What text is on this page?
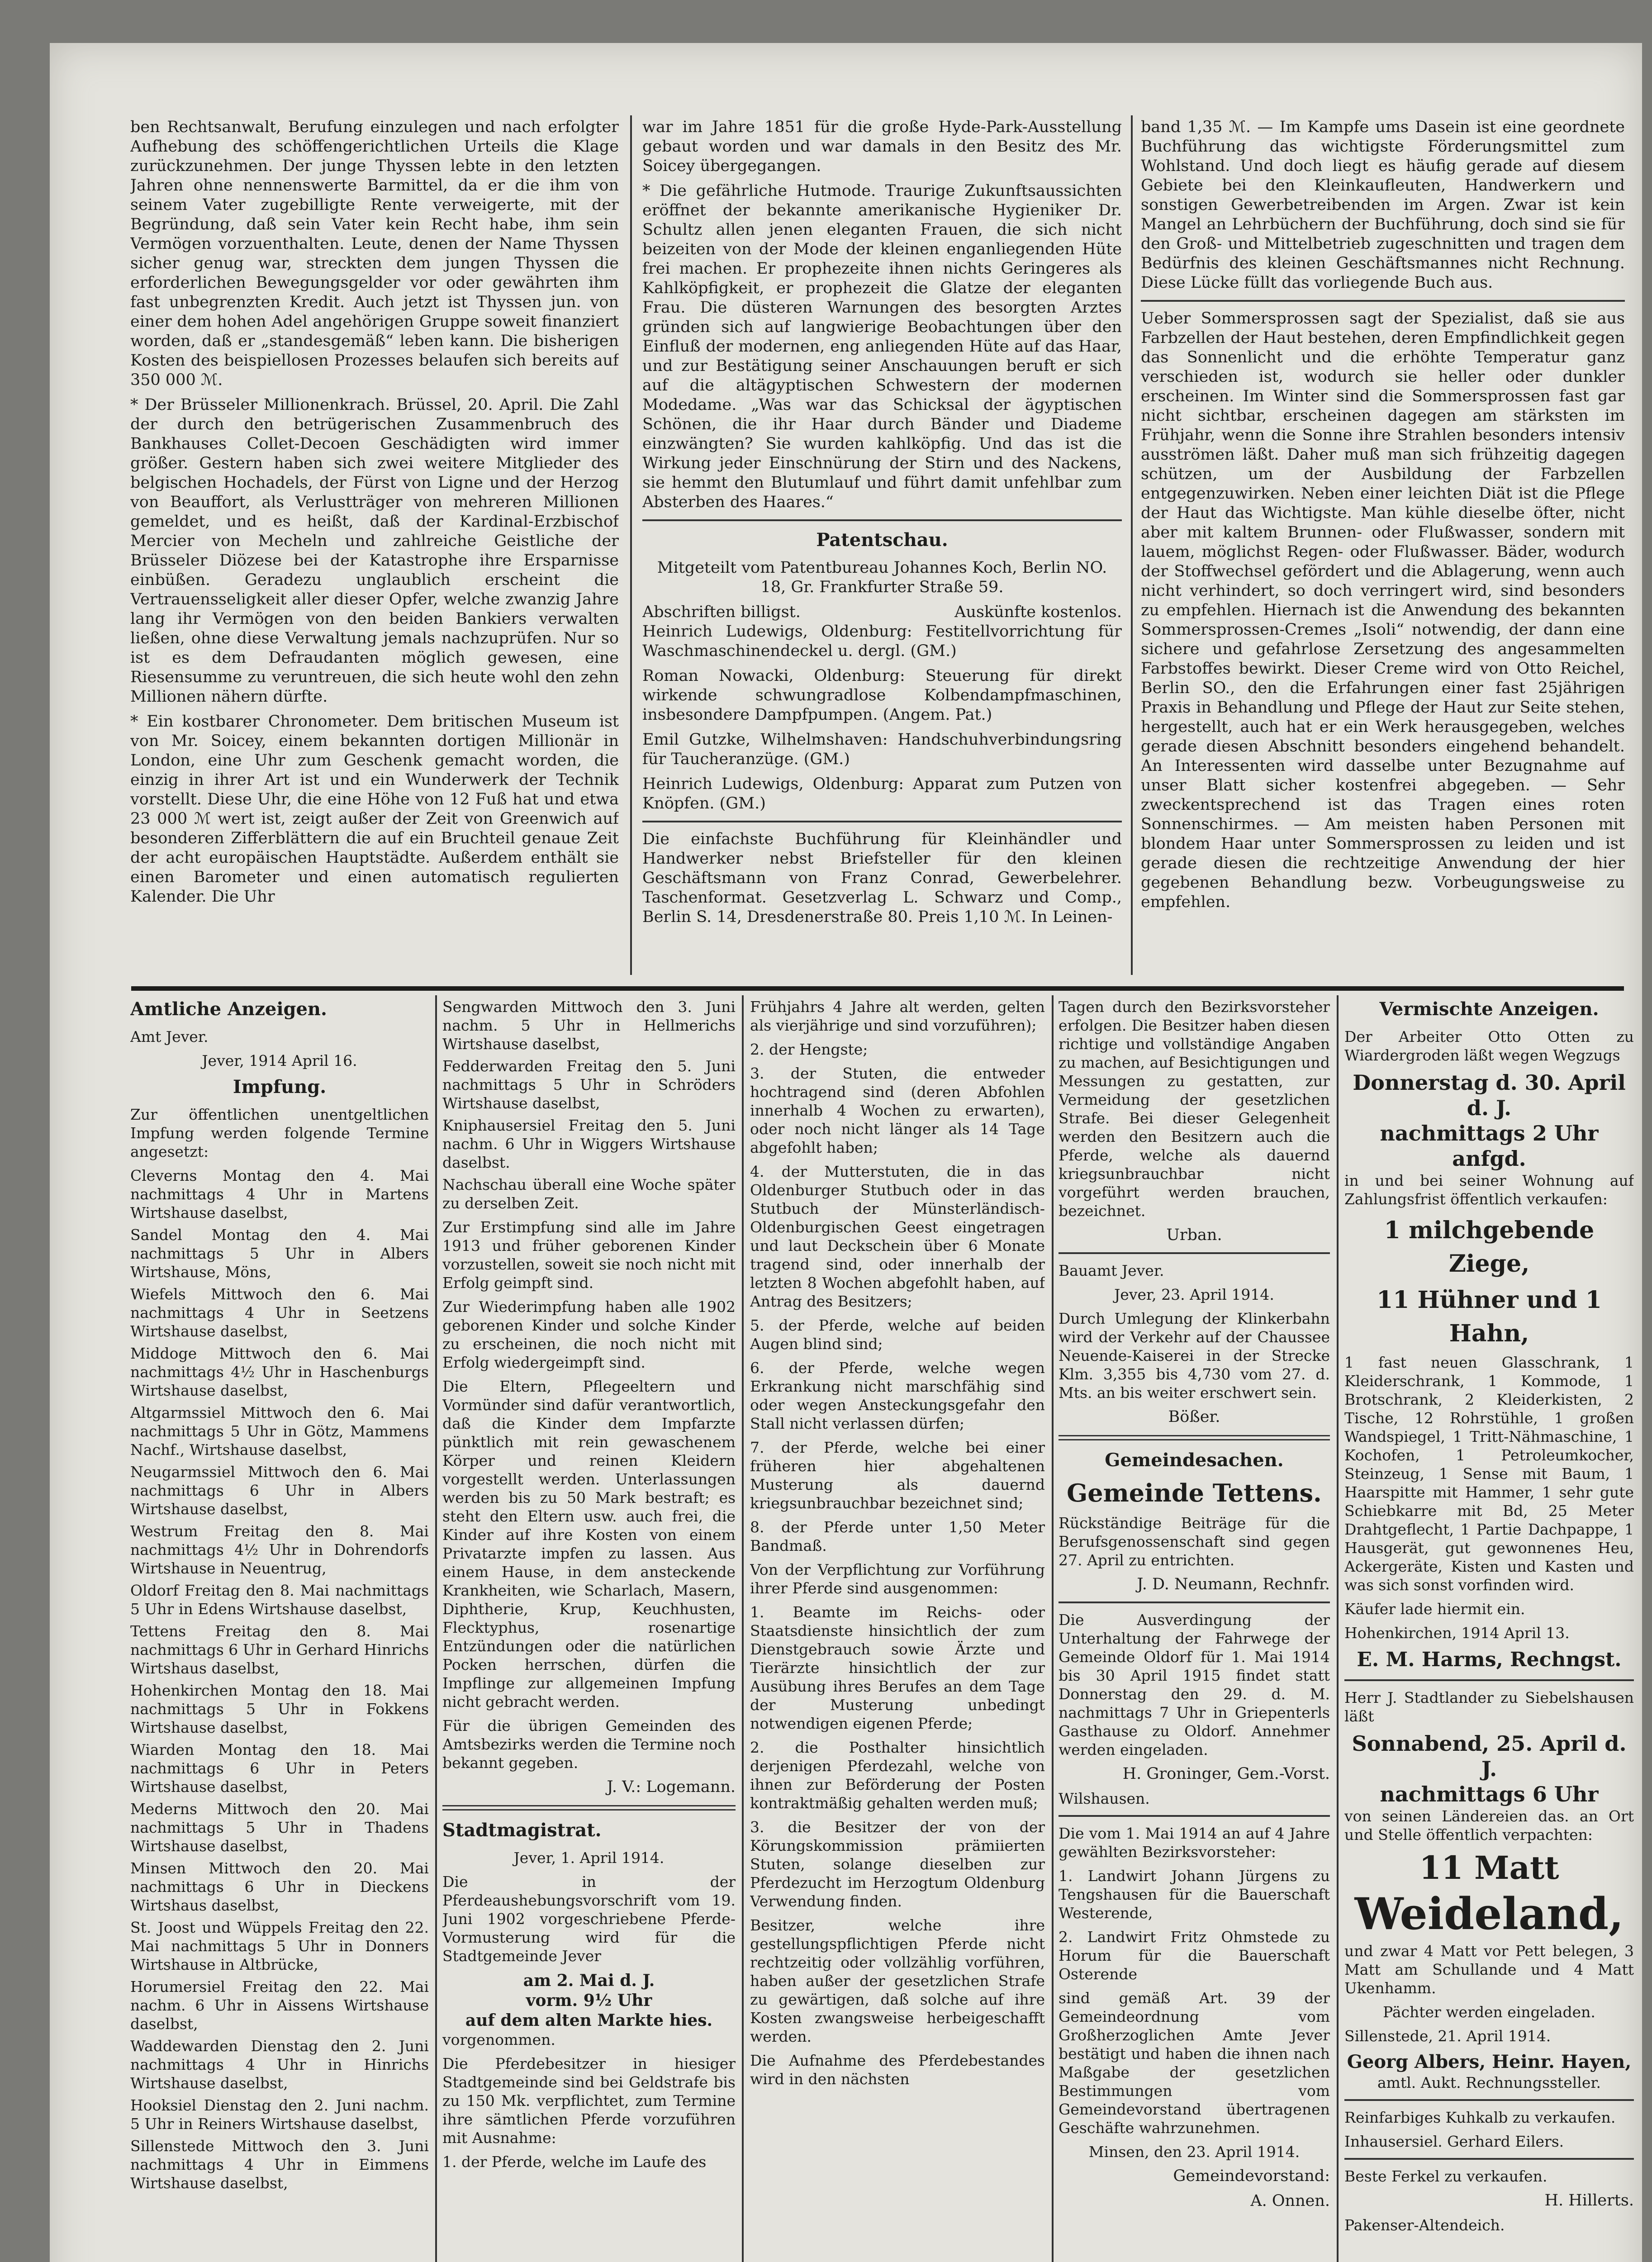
ben Rechtsanwalt, Berufung einzulegen und nach erfolgter Aufhebung des schöffengerichtlichen Urteils die Klage zurückzunehmen. Der junge Thyssen lebte in den letzten Jahren ohne nennenswerte Barmittel, da er die ihm von seinem Vater zugebilligte Rente verweigerte, mit der Begründung, daß sein Vater kein Recht habe, ihm sein Vermögen vorzuenthalten. Leute, denen der Name Thyssen sicher genug war, streckten dem jungen Thyssen die erforderlichen Bewegungsgelder vor oder gewährten ihm fast unbegrenzten Kredit. Auch jetzt ist Thyssen jun. von einer dem hohen Adel angehörigen Gruppe soweit finanziert worden, daß er „standesgemäß“ leben kann. Die bisherigen Kosten des beispiellosen Prozesses belaufen sich bereits auf 350 000 ℳ.

* Der Brüsseler Millionenkrach. Brüssel, 20. April. Die Zahl der durch den betrügerischen Zusammenbruch des Bankhauses Collet-Decoen Geschädigten wird immer größer. Gestern haben sich zwei weitere Mitglieder des belgischen Hochadels, der Fürst von Ligne und der Herzog von Beauffort, als Verlustträger von mehreren Millionen gemeldet, und es heißt, daß der Kardinal-Erzbischof Mercier von Mecheln und zahlreiche Geistliche der Brüsseler Diözese bei der Katastrophe ihre Ersparnisse einbüßen. Geradezu unglaublich erscheint die Vertrauensseligkeit aller dieser Opfer, welche zwanzig Jahre lang ihr Vermögen von den beiden Bankiers verwalten ließen, ohne diese Verwaltung jemals nachzuprüfen. Nur so ist es dem Defraudanten möglich gewesen, eine Riesensumme zu veruntreuen, die sich heute wohl den zehn Millionen nähern dürfte.

* Ein kostbarer Chronometer. Dem britischen Museum ist von Mr. Soicey, einem bekannten dortigen Millionär in London, eine Uhr zum Geschenk gemacht worden, die einzig in ihrer Art ist und ein Wunderwerk der Technik vorstellt. Diese Uhr, die eine Höhe von 12 Fuß hat und etwa 23 000 ℳ wert ist, zeigt außer der Zeit von Greenwich auf besonderen Zifferblättern die auf ein Bruchteil genaue Zeit der acht europäischen Hauptstädte. Außerdem enthält sie einen Barometer und einen automatisch regulierten Kalender. Die Uhr

war im Jahre 1851 für die große Hyde-Park-Ausstellung gebaut worden und war damals in den Besitz des Mr. Soicey übergegangen.

* Die gefährliche Hutmode. Traurige Zukunftsaussichten eröffnet der bekannte amerikanische Hygieniker Dr. Schultz allen jenen eleganten Frauen, die sich nicht beizeiten von der Mode der kleinen enganliegenden Hüte frei machen. Er prophezeite ihnen nichts Geringeres als Kahlköpfigkeit, er prophezeit die Glatze der eleganten Frau. Die düsteren Warnungen des besorgten Arztes gründen sich auf langwierige Beobachtungen über den Einfluß der modernen, eng anliegenden Hüte auf das Haar, und zur Bestätigung seiner Anschauungen beruft er sich auf die altägyptischen Schwestern der modernen Modedame. „Was war das Schicksal der ägyptischen Schönen, die ihr Haar durch Bänder und Diademe einzwängten? Sie wurden kahlköpfig. Und das ist die Wirkung jeder Einschnürung der Stirn und des Nackens, sie hemmt den Blutumlauf und führt damit unfehlbar zum Absterben des Haares.“

Patentschau.

Mitgeteilt vom Patentbureau Johannes Koch, Berlin NO. 18, Gr. Frankfurter Straße 59.

Abschriften billigst.	Auskünfte kostenlos.

Heinrich Ludewigs, Oldenburg: Festitellvorrichtung für Waschmaschinendeckel u. dergl. (GM.)

Roman Nowacki, Oldenburg: Steuerung für direkt wirkende schwungradlose Kolbendampfmaschinen, insbesondere Dampfpumpen. (Angem. Pat.)

Emil Gutzke, Wilhelmshaven: Handschuhverbindungsring für Taucheranzüge. (GM.)

Heinrich Ludewigs, Oldenburg: Apparat zum Putzen von Knöpfen. (GM.)

Die einfachste Buchführung für Kleinhändler und Handwerker nebst Briefsteller für den kleinen Geschäftsmann von Franz Conrad, Gewerbelehrer. Taschenformat. Gesetzverlag L. Schwarz und Comp., Berlin S. 14, Dresdenerstraße 80. Preis 1,10 ℳ. In Leinen-

band 1,35 ℳ. — Im Kampfe ums Dasein ist eine geordnete Buchführung das wichtigste Förderungsmittel zum Wohlstand. Und doch liegt es häufig gerade auf diesem Gebiete bei den Kleinkaufleuten, Handwerkern und sonstigen Gewerbetreibenden im Argen. Zwar ist kein Mangel an Lehrbüchern der Buchführung, doch sind sie für den Groß- und Mittelbetrieb zugeschnitten und tragen dem Bedürfnis des kleinen Geschäftsmannes nicht Rechnung. Diese Lücke füllt das vorliegende Buch aus.

Ueber Sommersprossen sagt der Spezialist, daß sie aus Farbzellen der Haut bestehen, deren Empfindlichkeit gegen das Sonnenlicht und die erhöhte Temperatur ganz verschieden ist, wodurch sie heller oder dunkler erscheinen. Im Winter sind die Sommersprossen fast gar nicht sichtbar, erscheinen dagegen am stärksten im Frühjahr, wenn die Sonne ihre Strahlen besonders intensiv ausströmen läßt. Daher muß man sich frühzeitig dagegen schützen, um der Ausbildung der Farbzellen entgegenzuwirken. Neben einer leichten Diät ist die Pflege der Haut das Wichtigste. Man kühle dieselbe öfter, nicht aber mit kaltem Brunnen- oder Flußwasser, sondern mit lauem, möglichst Regen- oder Flußwasser. Bäder, wodurch der Stoffwechsel gefördert und die Ablagerung, wenn auch nicht verhindert, so doch verringert wird, sind besonders zu empfehlen. Hiernach ist die Anwendung des bekannten Sommersprossen-Cremes „Isoli“ notwendig, der dann eine sichere und gefahrlose Zersetzung des angesammelten Farbstoffes bewirkt. Dieser Creme wird von Otto Reichel, Berlin SO., den die Erfahrungen einer fast 25jährigen Praxis in Behandlung und Pflege der Haut zur Seite stehen, hergestellt, auch hat er ein Werk herausgegeben, welches gerade diesen Abschnitt besonders eingehend behandelt. An Interessenten wird dasselbe unter Bezugnahme auf unser Blatt sicher kostenfrei abgegeben. — Sehr zweckentsprechend ist das Tragen eines roten Sonnenschirmes. — Am meisten haben Personen mit blondem Haar unter Sommersprossen zu leiden und ist gerade diesen die rechtzeitige Anwendung der hier gegebenen Behandlung bezw. Vorbeugungsweise zu empfehlen.

Amtliche Anzeigen.

Amt Jever.

Jever, 1914 April 16.

Impfung.

Zur öffentlichen unentgeltlichen Impfung werden folgende Termine angesetzt:

Cleverns Montag den 4. Mai nachmittags 4 Uhr in Martens Wirtshause daselbst,

Sandel Montag den 4. Mai nachmittags 5 Uhr in Albers Wirtshause, Möns,

Wiefels Mittwoch den 6. Mai nachmittags 4 Uhr in Seetzens Wirtshause daselbst,

Middoge Mittwoch den 6. Mai nachmittags 4½ Uhr in Haschenburgs Wirtshause daselbst,

Altgarmssiel Mittwoch den 6. Mai nachmittags 5 Uhr in Götz, Mammens Nachf., Wirtshause daselbst,

Neugarmssiel Mittwoch den 6. Mai nachmittags 6 Uhr in Albers Wirtshause daselbst,

Westrum Freitag den 8. Mai nachmittags 4½ Uhr in Dohrendorfs Wirtshause in Neuentrug,

Oldorf Freitag den 8. Mai nachmittags 5 Uhr in Edens Wirtshause daselbst,

Tettens Freitag den 8. Mai nachmittags 6 Uhr in Gerhard Hinrichs Wirtshaus daselbst,

Hohenkirchen Montag den 18. Mai nachmittags 5 Uhr in Fokkens Wirtshause daselbst,

Wiarden Montag den 18. Mai nachmittags 6 Uhr in Peters Wirtshause daselbst,

Mederns Mittwoch den 20. Mai nachmittags 5 Uhr in Thadens Wirtshause daselbst,

Minsen Mittwoch den 20. Mai nachmittags 6 Uhr in Dieckens Wirtshaus daselbst,

St. Joost und Wüppels Freitag den 22. Mai nachmittags 5 Uhr in Donners Wirtshause in Altbrücke,

Horumersiel Freitag den 22. Mai nachm. 6 Uhr in Aissens Wirtshause daselbst,

Waddewarden Dienstag den 2. Juni nachmittags 4 Uhr in Hinrichs Wirtshause daselbst,

Hooksiel Dienstag den 2. Juni nachm. 5 Uhr in Reiners Wirtshause daselbst,

Sillenstede Mittwoch den 3. Juni nachmittags 4 Uhr in Eimmens Wirtshause daselbst,

Sengwarden Mittwoch den 3. Juni nachm. 5 Uhr in Hellmerichs Wirtshause daselbst,

Fedderwarden Freitag den 5. Juni nachmittags 5 Uhr in Schröders Wirtshause daselbst,

Kniphausersiel Freitag den 5. Juni nachm. 6 Uhr in Wiggers Wirtshause daselbst.

Nachschau überall eine Woche später zu derselben Zeit.

Zur Erstimpfung sind alle im Jahre 1913 und früher geborenen Kinder vorzustellen, soweit sie noch nicht mit Erfolg geimpft sind.

Zur Wiederimpfung haben alle 1902 geborenen Kinder und solche Kinder zu erscheinen, die noch nicht mit Erfolg wiedergeimpft sind.

Die Eltern, Pflegeeltern und Vormünder sind dafür verantwortlich, daß die Kinder dem Impfarzte pünktlich mit rein gewaschenem Körper und reinen Kleidern vorgestellt werden. Unterlassungen werden bis zu 50 Mark bestraft; es steht den Eltern usw. auch frei, die Kinder auf ihre Kosten von einem Privatarzte impfen zu lassen. Aus einem Hause, in dem ansteckende Krankheiten, wie Scharlach, Masern, Diphtherie, Krup, Keuchhusten, Flecktyphus, rosenartige Entzündungen oder die natürlichen Pocken herrschen, dürfen die Impflinge zur allgemeinen Impfung nicht gebracht werden.

Für die übrigen Gemeinden des Amtsbezirks werden die Termine noch bekannt gegeben.

J. V.: Logemann.
Stadtmagistrat.

Jever, 1. April 1914.

Die in der Pferdeaushebungsvorschrift vom 19. Juni 1902 vorgeschriebene Pferde-Vormusterung wird für die Stadtgemeinde Jever

am 2. Mai d. J.
vorm. 9½ Uhr
auf dem alten Markte hies.

vorgenommen.

Die Pferdebesitzer in hiesiger Stadtgemeinde sind bei Geldstrafe bis zu 150 Mk. verpflichtet, zum Termine ihre sämtlichen Pferde vorzuführen mit Ausnahme:

1. der Pferde, welche im Laufe des

Frühjahrs 4 Jahre alt werden, gelten als vierjährige und sind vorzuführen);

2. der Hengste;

3. der Stuten, die entweder hochtragend sind (deren Abfohlen innerhalb 4 Wochen zu erwarten), oder noch nicht länger als 14 Tage abgefohlt haben;

4. der Mutterstuten, die in das Oldenburger Stutbuch oder in das Stutbuch der Münsterländisch-Oldenburgischen Geest eingetragen und laut Deckschein über 6 Monate tragend sind, oder innerhalb der letzten 8 Wochen abgefohlt haben, auf Antrag des Besitzers;

5. der Pferde, welche auf beiden Augen blind sind;

6. der Pferde, welche wegen Erkrankung nicht marschfähig sind oder wegen Ansteckungsgefahr den Stall nicht verlassen dürfen;

7. der Pferde, welche bei einer früheren hier abgehaltenen Musterung als dauernd kriegsunbrauchbar bezeichnet sind;

8. der Pferde unter 1,50 Meter Bandmaß.

Von der Verpflichtung zur Vorführung ihrer Pferde sind ausgenommen:

1. Beamte im Reichs- oder Staatsdienste hinsichtlich der zum Dienstgebrauch sowie Ärzte und Tierärzte hinsichtlich der zur Ausübung ihres Berufes an dem Tage der Musterung unbedingt notwendigen eigenen Pferde;

2. die Posthalter hinsichtlich derjenigen Pferdezahl, welche von ihnen zur Beförderung der Posten kontraktmäßig gehalten werden muß;

3. die Besitzer der von der Körungskommission prämiierten Stuten, solange dieselben zur Pferdezucht im Herzogtum Oldenburg Verwendung finden.

Besitzer, welche ihre gestellungspflichtigen Pferde nicht rechtzeitig oder vollzählig vorführen, haben außer der gesetzlichen Strafe zu gewärtigen, daß solche auf ihre Kosten zwangsweise herbeigeschafft werden.

Die Aufnahme des Pferdebestandes wird in den nächsten

Tagen durch den Bezirksvorsteher erfolgen. Die Besitzer haben diesen richtige und vollständige Angaben zu machen, auf Besichtigungen und Messungen zu gestatten, zur Vermeidung der gesetzlichen Strafe. Bei dieser Gelegenheit werden den Besitzern auch die Pferde, welche als dauernd kriegsunbrauchbar nicht vorgeführt werden brauchen, bezeichnet.

Urban.

Bauamt Jever.

Jever, 23. April 1914.

Durch Umlegung der Klinkerbahn wird der Verkehr auf der Chaussee Neuende-Kaiserei in der Strecke Klm. 3,355 bis 4,730 vom 27. d. Mts. an bis weiter erschwert sein.

Bößer.
Gemeindesachen.
Gemeinde Tettens.

Rückständige Beiträge für die Berufsgenossenschaft sind gegen 27. April zu entrichten.

J. D. Neumann, Rechnfr.

Die Ausverdingung der Unterhaltung der Fahrwege der Gemeinde Oldorf für 1. Mai 1914 bis 30 April 1915 findet statt Donnerstag den 29. d. M. nachmittags 7 Uhr in Griepenterls Gasthause zu Oldorf. Annehmer werden eingeladen.

H. Groninger, Gem.-Vorst.

Wilshausen.

Die vom 1. Mai 1914 an auf 4 Jahre gewählten Bezirksvorsteher:

1. Landwirt Johann Jürgens zu Tengshausen für die Bauerschaft Westerende,

2. Landwirt Fritz Ohmstede zu Horum für die Bauerschaft Osterende

sind gemäß Art. 39 der Gemeindeordnung vom Großherzoglichen Amte Jever bestätigt und haben die ihnen nach Maßgabe der gesetzlichen Bestimmungen vom Gemeindevorstand übertragenen Geschäfte wahrzunehmen.

Minsen, den 23. April 1914.

Gemeindevorstand:
A. Onnen.
Vermischte Anzeigen.

Der Arbeiter Otto Otten zu Wiardergroden läßt wegen Wegzugs

Donnerstag d. 30. April d. J.
nachmittags 2 Uhr anfgd.

in und bei seiner Wohnung auf Zahlungsfrist öffentlich verkaufen:

1 milchgebende Ziege,
11 Hühner und 1 Hahn,

1 fast neuen Glasschrank, 1 Kleiderschrank, 1 Kommode, 1 Brotschrank, 2 Kleiderkisten, 2 Tische, 12 Rohrstühle, 1 großen Wandspiegel, 1 Tritt-Nähmaschine, 1 Kochofen, 1 Petroleumkocher, Steinzeug, 1 Sense mit Baum, 1 Haarspitte mit Hammer, 1 sehr gute Schiebkarre mit Bd, 25 Meter Drahtgeflecht, 1 Partie Dachpappe, 1 Hausgerät, gut gewonnenes Heu, Ackergeräte, Kisten und Kasten und was sich sonst vorfinden wird.

Käufer lade hiermit ein.

Hohenkirchen, 1914 April 13.

E. M. Harms, Rechngst.

Herr J. Stadtlander zu Siebelshausen läßt

Sonnabend, 25. April d. J.
nachmittags 6 Uhr

von seinen Ländereien das. an Ort und Stelle öffentlich verpachten:

11 Matt
Weideland,

und zwar 4 Matt vor Pett belegen, 3 Matt am Schullande und 4 Matt Ukenhamm.

Pächter werden eingeladen.

Sillenstede, 21. April 1914.

Georg Albers, Heinr. Hayen,

amtl. Aukt. Rechnungssteller.

Reinfarbiges Kuhkalb zu verkaufen.

Inhausersiel. Gerhard Eilers.

Beste Ferkel zu verkaufen.

H. Hillerts.

Pakenser-Altendeich.
